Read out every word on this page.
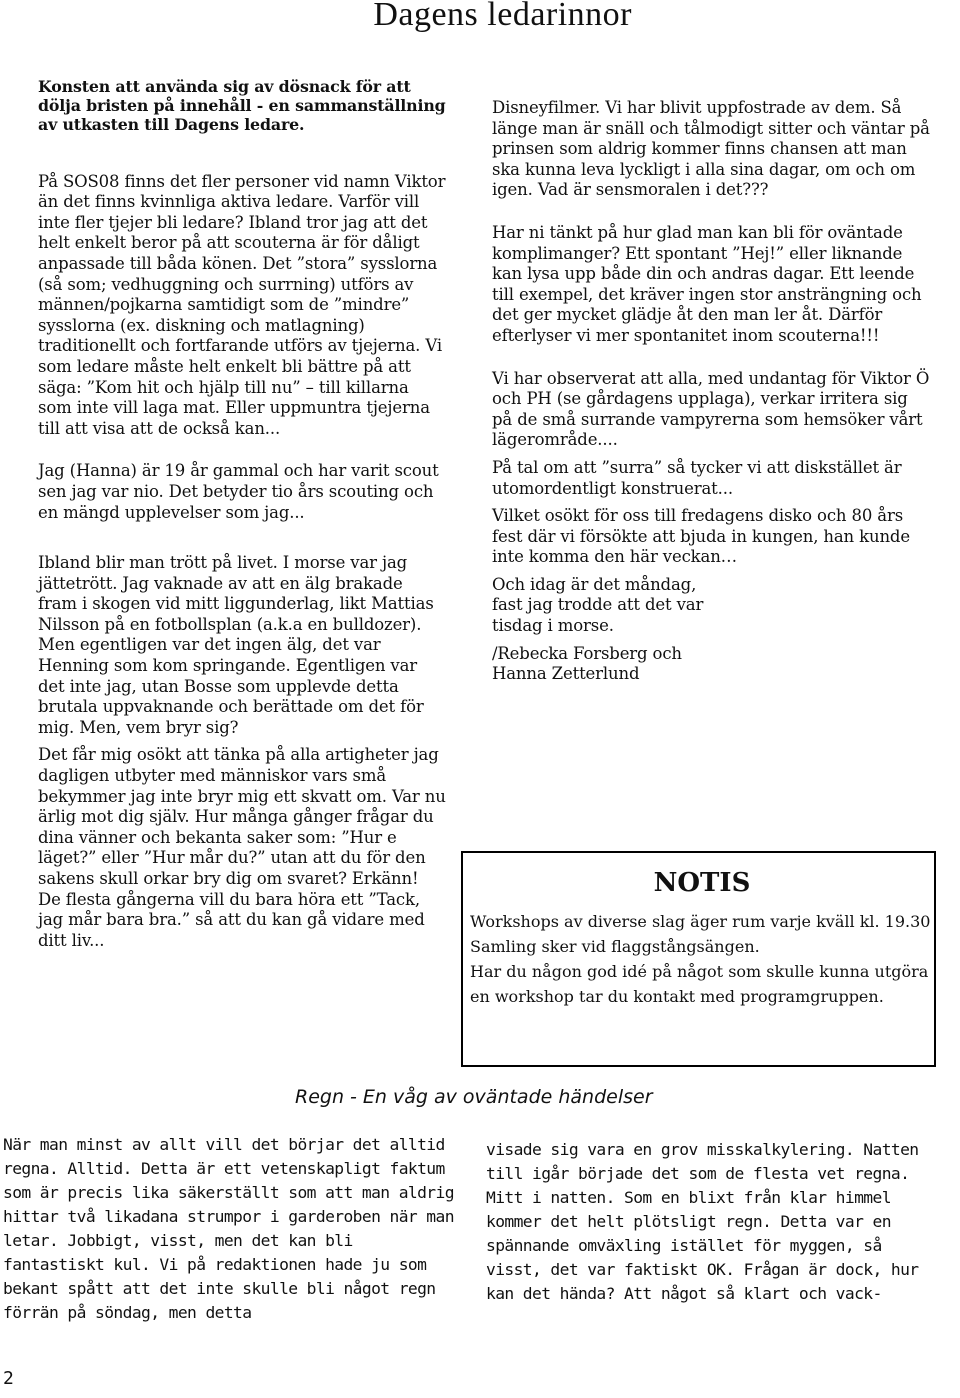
Dagens ledarinnor

Konsten att använda sig av dösnack för att dölja bristen på innehåll - en sammanställning av utkasten till Dagens ledare.

På SOS08 finns det fler personer vid namn Viktor än det finns kvinnliga aktiva ledare. Varför vill inte fler tjejer bli ledare? Ibland tror jag att det helt enkelt beror på att scouterna är för dåligt anpassade till båda könen. Det ”stora” sysslorna (så som; vedhuggning och surrning) utförs av männen/pojkarna samtidigt som de ”mindre” sysslorna (ex. diskning och matlagning) traditionellt och fortfarande utförs av tjejerna. Vi som ledare måste helt enkelt bli bättre på att säga: ”Kom hit och hjälp till nu” – till killarna som inte vill laga mat. Eller uppmuntra tjejerna till att visa att de också kan...

Jag (Hanna) är 19 år gammal och har varit scout sen jag var nio. Det betyder tio års scouting och en mängd upplevelser som jag...

Ibland blir man trött på livet. I morse var jag jättetrött. Jag vaknade av att en älg brakade fram i skogen vid mitt liggunderlag, likt Mattias Nilsson på en fotbollsplan (a.k.a en bulldozer). Men egentligen var det ingen älg, det var Henning som kom springande. Egentligen var det inte jag, utan Bosse som upplevde detta brutala uppvaknande och berättade om det för mig. Men, vem bryr sig?

Det får mig osökt att tänka på alla artigheter jag dagligen utbyter med människor vars små bekymmer jag inte bryr mig ett skvatt om. Var nu ärlig mot dig själv. Hur många gånger frågar du dina vänner och bekanta saker som: ”Hur e läget?” eller ”Hur mår du?” utan att du för den sakens skull orkar bry dig om svaret? Erkänn! De flesta gångerna vill du bara höra ett ”Tack, jag mår bara bra.” så att du kan gå vidare med ditt liv...

Disneyfilmer. Vi har blivit uppfostrade av dem. Så länge man är snäll och tålmodigt sitter och väntar på prinsen som aldrig kommer finns chansen att man ska kunna leva lyckligt i alla sina dagar, om och om igen. Vad är sensmoralen i det???

Har ni tänkt på hur glad man kan bli för oväntade komplimanger? Ett spontant ”Hej!” eller liknande kan lysa upp både din och andras dagar. Ett leende till exempel, det kräver ingen stor ansträngning och det ger mycket glädje åt den man ler åt. Därför efterlyser vi mer spontanitet inom scouterna!!!

Vi har observerat att alla, med undantag för Viktor Ö och PH (se gårdagens upplaga), verkar irritera sig på de små surrande vampyrerna som hemsöker vårt lägerområde....

På tal om att ”surra” så tycker vi att diskstället är utomordentligt konstruerat...

Vilket osökt för oss till fredagens disko och 80 års fest där vi försökte att bjuda in kungen, han kunde inte komma den här veckan…

Och idag är det måndag,

fast jag trodde att det var

tisdag i morse.

/Rebecka Forsberg och

Hanna Zetterlund

NOTIS

Workshops av diverse slag äger rum varje kväll kl. 19.30

Samling sker vid flaggstångsängen.

Har du någon god idé på något som skulle kunna utgöra en workshop tar du kontakt med programgruppen.

Regn - En våg av oväntade händelser
När man minst av allt vill det börjar det alltid regna. Alltid. Detta är ett vetenskapligt faktum som är precis lika säkerställt som att man aldrig hittar två likadana strumpor i garderoben när man letar. Jobbigt, visst, men det kan bli fantastiskt kul. Vi på redaktionen hade ju som bekant spått att det inte skulle bli något regn förrän på söndag, men detta
visade sig vara en grov misskalkylering. Natten till igår började det som de flesta vet regna. Mitt i natten. Som en blixt från klar himmel kommer det helt plötsligt regn. Detta var en spännande omväxling istället för myggen, så visst, det var faktiskt OK. Frågan är dock, hur kan det hända? Att något så klart och vack-
2
